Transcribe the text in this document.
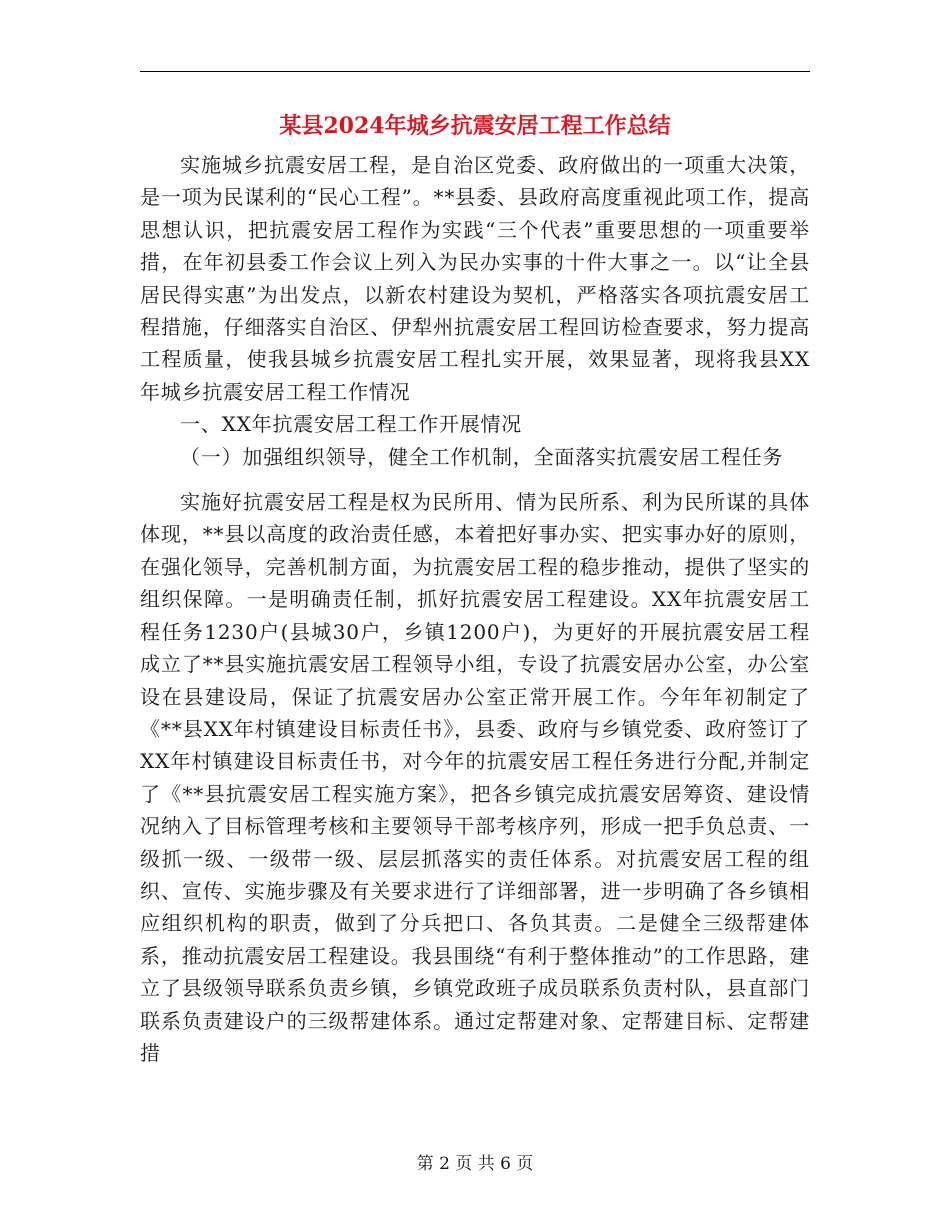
某县2024年城乡抗震安居工程工作总结

实施城乡抗震安居工程，是自治区党委、政府做出的一项重大决策，是一项为民谋利的“民心工程”。**县委、县政府高度重视此项工作，提高思想认识，把抗震安居工程作为实践“三个代表”重要思想的一项重要举措，在年初县委工作会议上列入为民办实事的十件大事之一。以“让全县居民得实惠”为出发点，以新农村建设为契机，严格落实各项抗震安居工程措施，仔细落实自治区、伊犁州抗震安居工程回访检查要求，努力提高工程质量，使我县城乡抗震安居工程扎实开展，效果显著，现将我县XX年城乡抗震安居工程工作情况

一、XX年抗震安居工程工作开展情况

（一）加强组织领导，健全工作机制，全面落实抗震安居工程任务

实施好抗震安居工程是权为民所用、情为民所系、利为民所谋的具体体现，**县以高度的政治责任感，本着把好事办实、把实事办好的原则，在强化领导，完善机制方面，为抗震安居工程的稳步推动，提供了坚实的组织保障。一是明确责任制，抓好抗震安居工程建设。XX年抗震安居工程任务1230户(县城30户，乡镇1200户)，为更好的开展抗震安居工程成立了**县实施抗震安居工程领导小组，专设了抗震安居办公室，办公室设在县建设局，保证了抗震安居办公室正常开展工作。今年年初制定了《**县XX年村镇建设目标责任书》，县委、政府与乡镇党委、政府签订了XX年村镇建设目标责任书，对今年的抗震安居工程任务进行分配,并制定了《**县抗震安居工程实施方案》，把各乡镇完成抗震安居筹资、建设情况纳入了目标管理考核和主要领导干部考核序列，形成一把手负总责、一级抓一级、一级带一级、层层抓落实的责任体系。对抗震安居工程的组织、宣传、实施步骤及有关要求进行了详细部署，进一步明确了各乡镇相应组织机构的职责，做到了分兵把口、各负其责。二是健全三级帮建体系，推动抗震安居工程建设。我县围绕“有利于整体推动”的工作思路，建立了县级领导联系负责乡镇，乡镇党政班子成员联系负责村队，县直部门联系负责建设户的三级帮建体系。通过定帮建对象、定帮建目标、定帮建措

第 2 页 共 6 页
